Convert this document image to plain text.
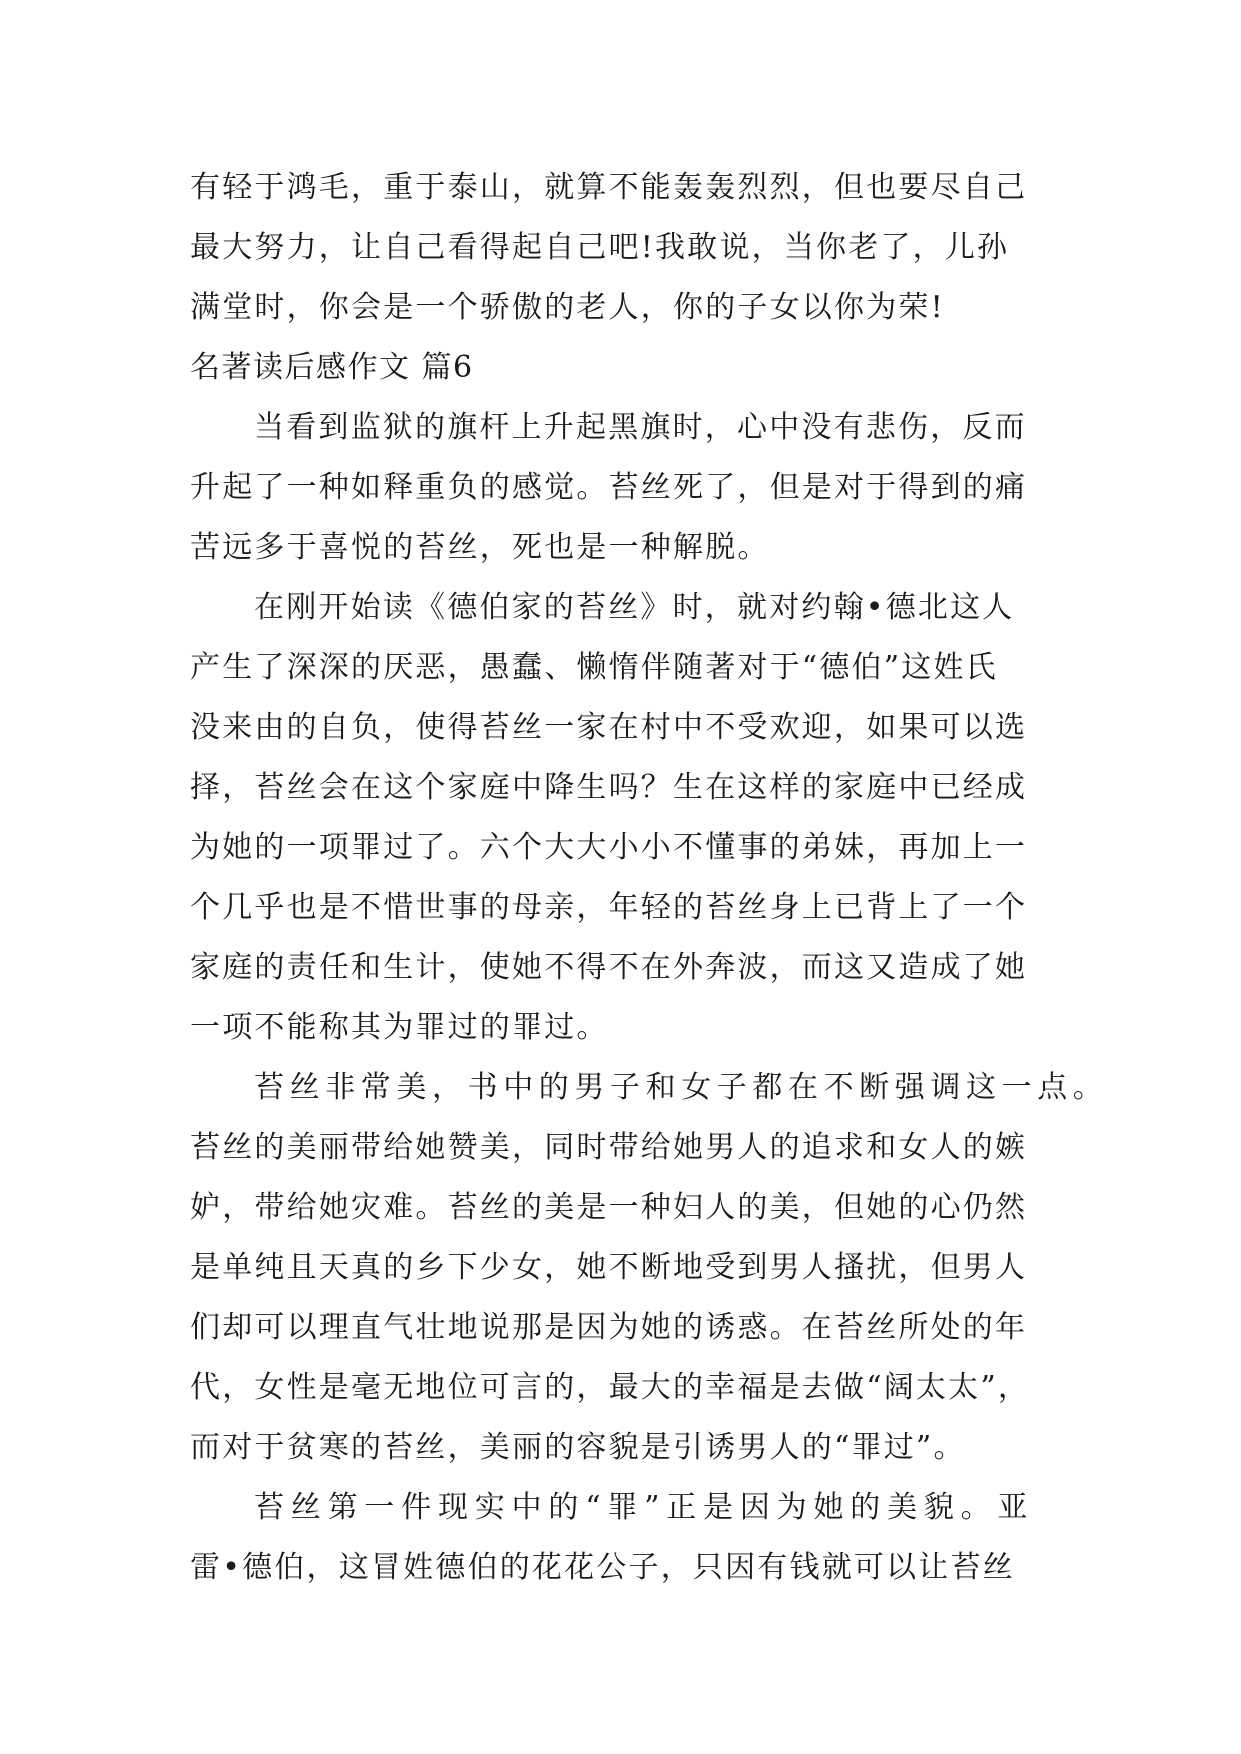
有轻于鸿毛，重于泰山，就算不能轰轰烈烈，但也要尽自己
最大努力，让自己看得起自己吧!我敢说，当你老了，儿孙
满堂时，你会是一个骄傲的老人，你的子女以你为荣!
名著读后感作文 篇6
当看到监狱的旗杆上升起黑旗时，心中没有悲伤，反而
升起了一种如释重负的感觉。苔丝死了，但是对于得到的痛
苦远多于喜悦的苔丝，死也是一种解脱。
在刚开始读《德伯家的苔丝》时，就对约翰•德北这人
产生了深深的厌恶，愚蠢、懒惰伴随著对于“德伯”这姓氏
没来由的自负，使得苔丝一家在村中不受欢迎，如果可以选
择，苔丝会在这个家庭中降生吗？生在这样的家庭中已经成
为她的一项罪过了。六个大大小小不懂事的弟妹，再加上一
个几乎也是不惜世事的母亲，年轻的苔丝身上已背上了一个
家庭的责任和生计，使她不得不在外奔波，而这又造成了她
一项不能称其为罪过的罪过。
苔丝非常美，书中的男子和女子都在不断强调这一点。
苔丝的美丽带给她赞美，同时带给她男人的追求和女人的嫉
妒，带给她灾难。苔丝的美是一种妇人的美，但她的心仍然
是单纯且天真的乡下少女，她不断地受到男人搔扰，但男人
们却可以理直气壮地说那是因为她的诱惑。在苔丝所处的年
代，女性是毫无地位可言的，最大的幸福是去做“阔太太”，
而对于贫寒的苔丝，美丽的容貌是引诱男人的“罪过”。
苔丝第一件现实中的“罪”正是因为她的美貌。亚
雷•德伯，这冒姓德伯的花花公子，只因有钱就可以让苔丝
